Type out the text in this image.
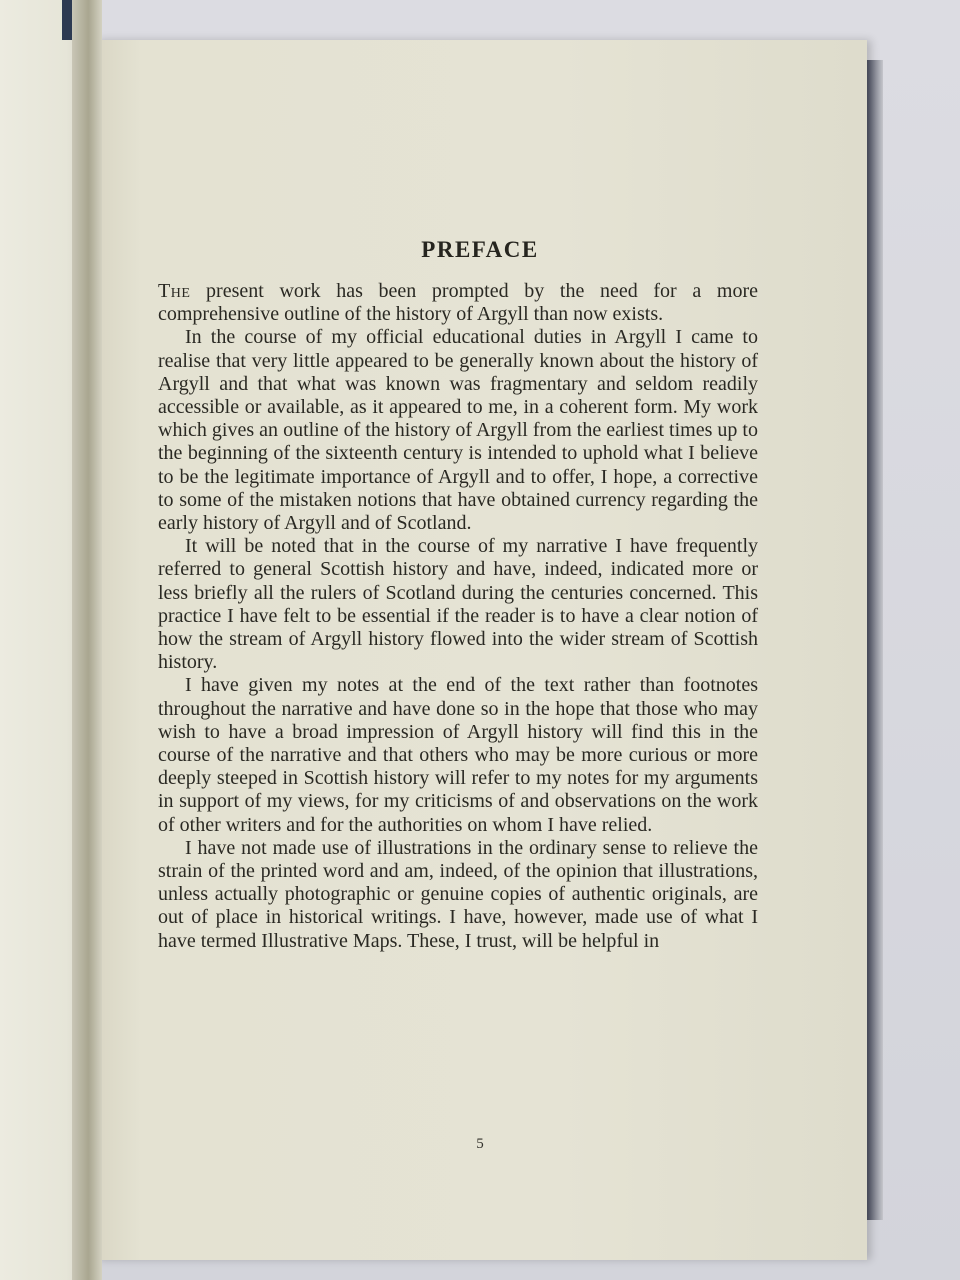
PREFACE

The present work has been prompted by the need for a more comprehensive outline of the history of Argyll than now exists.

In the course of my official educational duties in Argyll I came to realise that very little appeared to be generally known about the history of Argyll and that what was known was fragmentary and seldom readily accessible or available, as it appeared to me, in a coherent form. My work which gives an outline of the history of Argyll from the earliest times up to the beginning of the sixteenth century is intended to uphold what I believe to be the legitimate importance of Argyll and to offer, I hope, a corrective to some of the mistaken notions that have obtained currency regarding the early history of Argyll and of Scotland.

It will be noted that in the course of my narrative I have frequently referred to general Scottish history and have, indeed, indicated more or less briefly all the rulers of Scotland during the centuries concerned. This practice I have felt to be essential if the reader is to have a clear notion of how the stream of Argyll history flowed into the wider stream of Scottish history.

I have given my notes at the end of the text rather than footnotes throughout the narrative and have done so in the hope that those who may wish to have a broad impression of Argyll history will find this in the course of the narrative and that others who may be more curious or more deeply steeped in Scottish history will refer to my notes for my arguments in support of my views, for my criticisms of and observations on the work of other writers and for the authorities on whom I have relied.

I have not made use of illustrations in the ordinary sense to relieve the strain of the printed word and am, indeed, of the opinion that illustrations, unless actually photographic or genuine copies of authentic originals, are out of place in historical writings. I have, however, made use of what I have termed Illustrative Maps. These, I trust, will be helpful in

5
